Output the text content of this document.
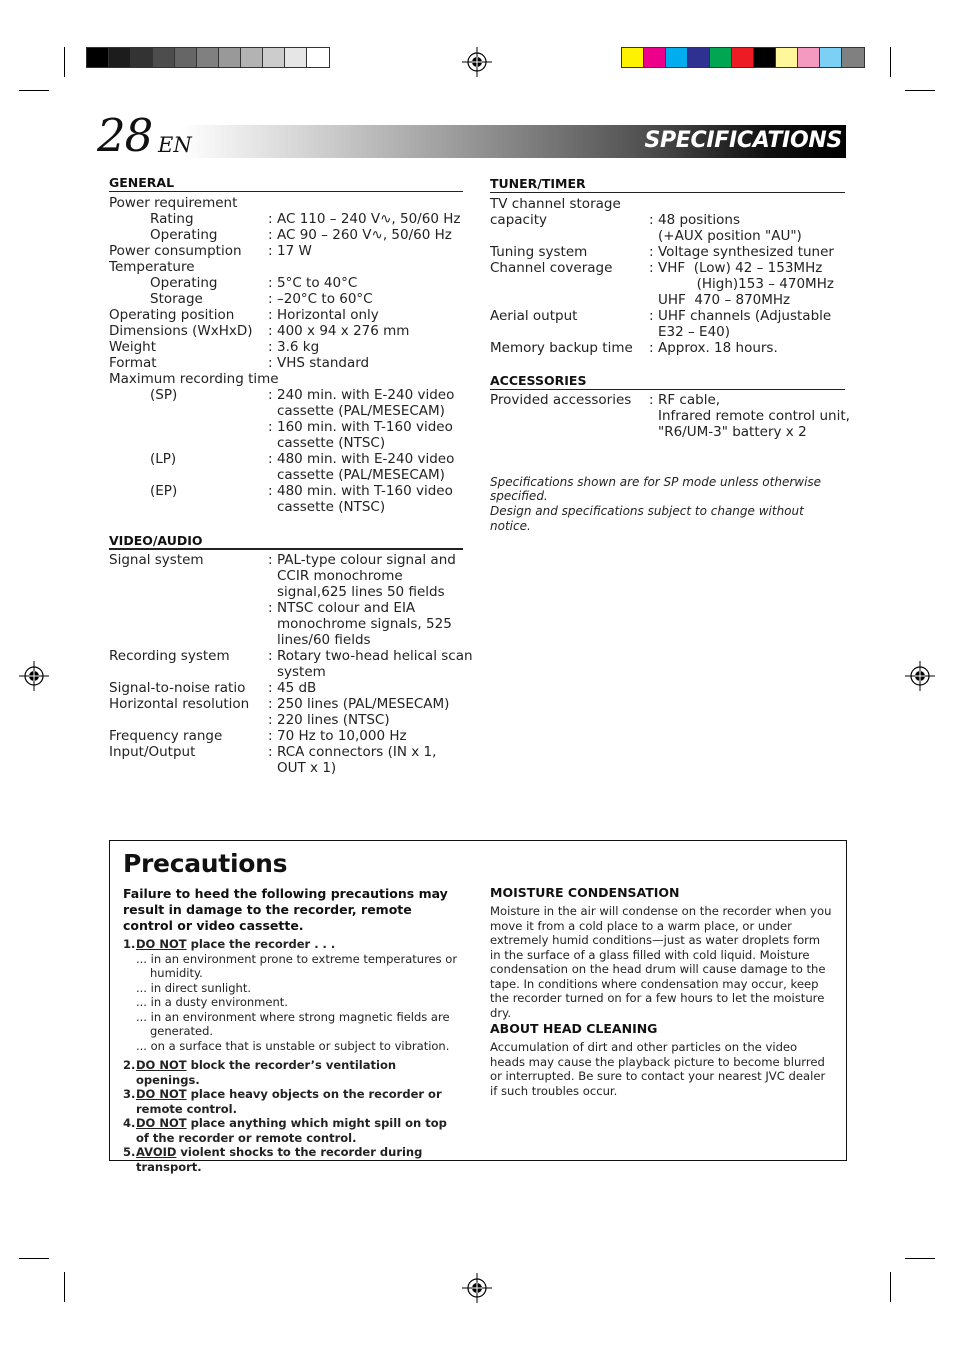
28	SPECIFICATIONS
EN
GENERAL
Power requirement
Rating	: AC 110 – 240 V∿, 50/60 Hz
Operating	: AC 90 – 260 V∿, 50/60 Hz
Power consumption : 17 W
Temperature
Operating	: 5°C to 40°C
Storage	: –20°C to 60°C
Operating position : Horizontal only
Dimensions (WxHxD) : 400 x 94 x 276 mm
Weight	: 3.6 kg
Format	: VHS standard
Maximum recording time
(SP)	: 240 min. with E-240 video
cassette (PAL/MESECAM)
: 160 min. with T-160 video
cassette (NTSC)
(LP)	: 480 min. with E-240 video
cassette (PAL/MESECAM)
(EP)	: 480 min. with T-160 video
cassette (NTSC)
VIDEO/AUDIO
Signal system	: PAL-type colour signal and
CCIR monochrome
signal,625 lines 50 fields
: NTSC colour and EIA
monochrome signals, 525
lines/60 fields
Recording system	: Rotary two-head helical scan
system
Signal-to-noise ratio : 45 dB
Horizontal resolution : 250 lines (PAL/MESECAM)
: 220 lines (NTSC)
Frequency range	: 70 Hz to 10,000 Hz
Input/Output	: RCA connectors (IN x 1,
OUT x 1)
TUNER/TIMER
TV channel storage
capacity	: 48 positions
(+AUX position "AU")
Tuning system	: Voltage synthesized tuner
Channel coverage	: VHF  (Low) 42 – 153MHz
(High)153 – 470MHz
UHF  470 – 870MHz
Aerial output	: UHF channels (Adjustable
E32 – E40)
Memory backup time : Approx. 18 hours.
ACCESSORIES
Provided accessories : RF cable,
Infrared remote control unit,
"R6/UM-3" battery x 2
Specifications shown are for SP mode unless otherwise
specified.
Design and specifications subject to change without notice.
Precautions
Failure to heed the following precautions may result in damage to the recorder, remote control or video cassette.
1. DO NOT place the recorder . . .
... in an environment prone to extreme temperatures or humidity.
... in direct sunlight.
... in a dusty environment.
... in an environment where strong magnetic fields are generated.
... on a surface that is unstable or subject to vibration.
2. DO NOT block the recorder’s ventilation openings.
3. DO NOT place heavy objects on the recorder or remote control.
4. DO NOT place anything which might spill on top of the recorder or remote control.
5. AVOID violent shocks to the recorder during transport.
MOISTURE CONDENSATION
Moisture in the air will condense on the recorder when you move it from a cold place to a warm place, or under extremely humid conditions—just as water droplets form in the surface of a glass filled with cold liquid. Moisture condensation on the head drum will cause damage to the tape. In conditions where condensation may occur, keep the recorder turned on for a few hours to let the moisture dry.
ABOUT HEAD CLEANING
Accumulation of dirt and other particles on the video heads may cause the playback picture to become blurred or interrupted. Be sure to contact your nearest JVC dealer if such troubles occur.
